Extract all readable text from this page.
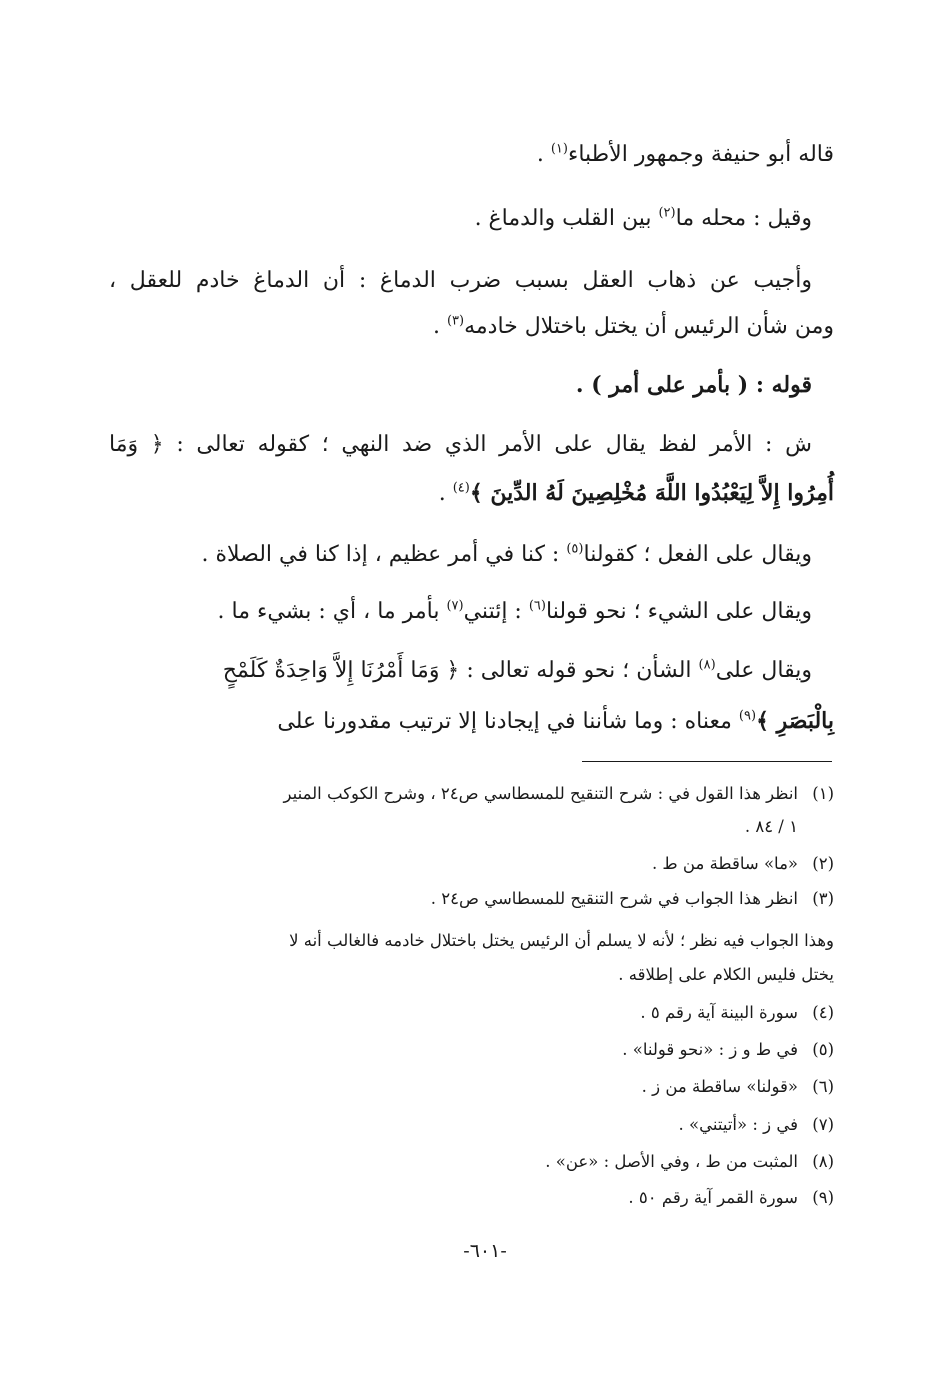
قاله أبو حنيفة وجمهور الأطباء$^{(١)}$ .
وقيل : محله ما$^{(٢)}$ بين القلب والدماغ .
وأجيب عن ذهاب العقل بسبب ضرب الدماغ : أن الدماغ خادم للعقل ،
ومن شأن الرئيس أن يختل باختلال خادمه$^{(٣)}$ .
قوله : ( بأمر على أمر ) .
ش : الأمر لفظ يقال على الأمر الذي ضد النهي ؛ كقوله تعالى : ﴿ وَمَا
أُمِرُوا إِلاَّ لِيَعْبُدُوا اللَّهَ مُخْلِصِينَ لَهُ الدِّينَ ﴾$^{(٤)}$ .
ويقال على الفعل ؛ كقولنا$^{(٥)}$ : كنا في أمر عظيم ، إذا كنا في الصلاة .
ويقال على الشيء ؛ نحو قولنا$^{(٦)}$ : إئتني$^{(٧)}$ بأمر ما ، أي : بشيء ما .
ويقال على$^{(٨)}$ الشأن ؛ نحو قوله تعالى : ﴿ وَمَا أَمْرُنَا إِلاَّ وَاحِدَةٌ كَلَمْحٍ
بِالْبَصَرِ ﴾$^{(٩)}$ معناه : وما شأننا في إيجادنا إلا ترتيب مقدورنا على
(١)انظر هذا القول في : شرح التنقيح للمسطاسي ص٢٤ ، وشرح الكوكب المنير
١ / ٨٤ .
(٢)«ما» ساقطة من ط .
(٣)انظر هذا الجواب في شرح التنقيح للمسطاسي ص٢٤ .
وهذا الجواب فيه نظر ؛ لأنه لا يسلم أن الرئيس يختل باختلال خادمه فالغالب أنه لا
يختل فليس الكلام على إطلاقه .
(٤)سورة البينة آية رقم ٥ .
(٥)في ط و ز : «نحو قولنا» .
(٦)«قولنا» ساقطة من ز .
(٧)في ز : «أتيتني» .
(٨)المثبت من ط ، وفي الأصل : «عن» .
(٩)سورة القمر آية رقم ٥٠ .
-٦٠١-
